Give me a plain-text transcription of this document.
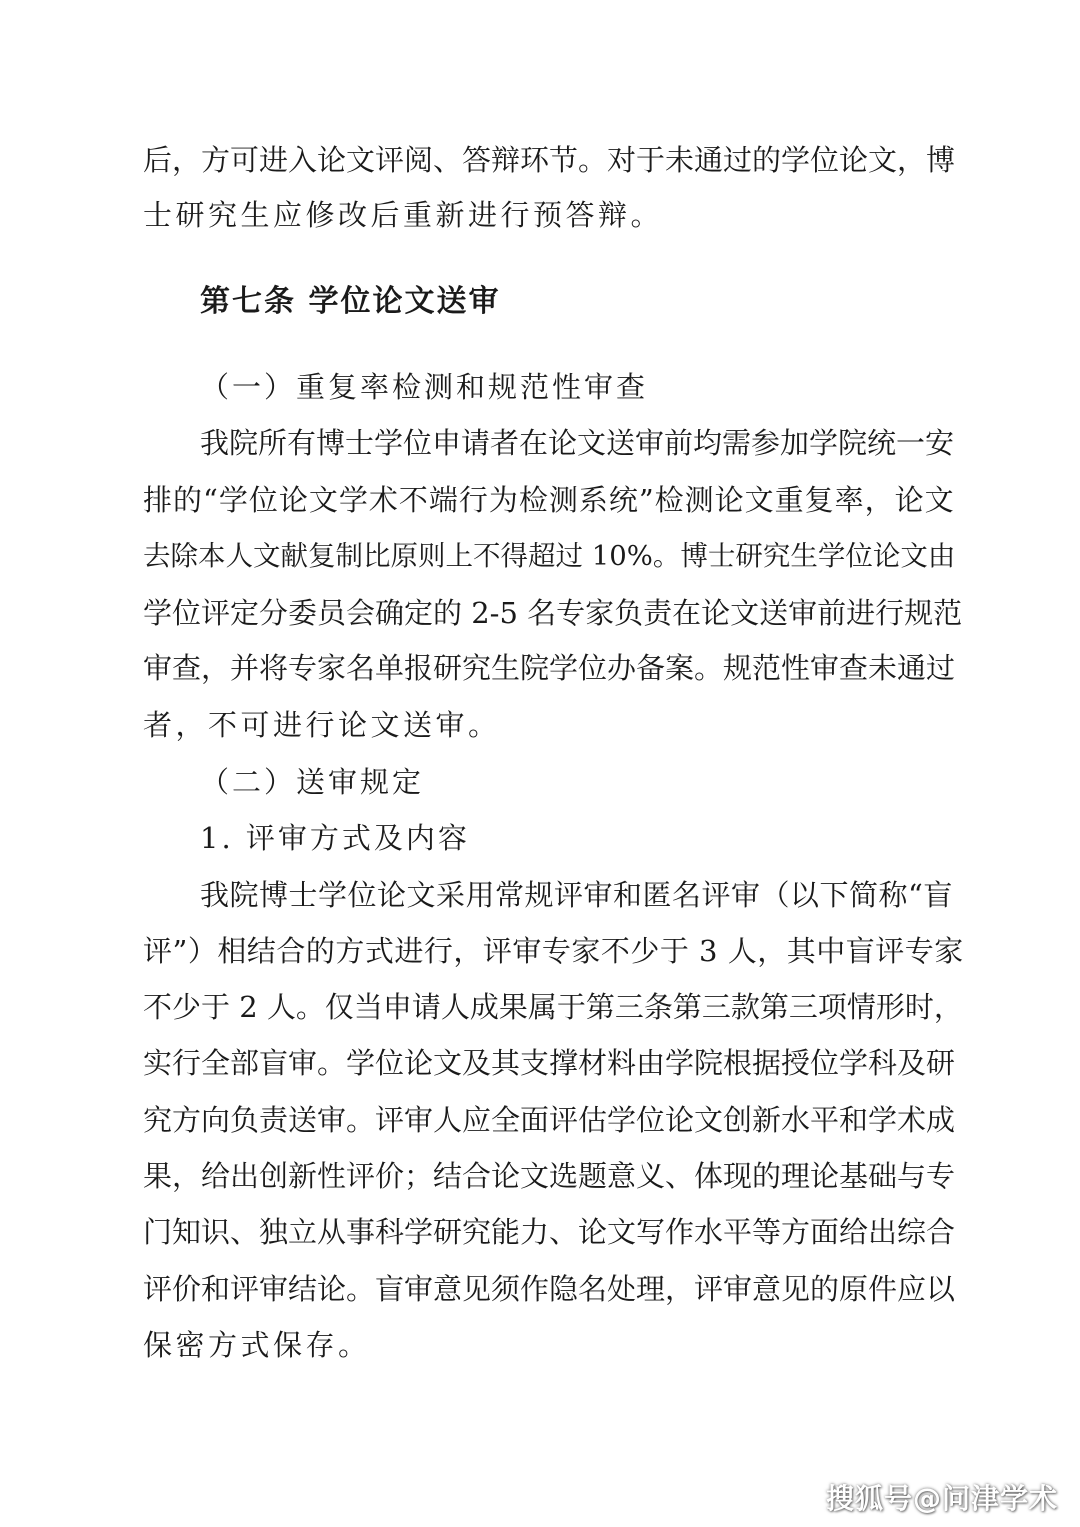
后，方可进入论文评阅、答辩环节。对于未通过的学位论文，博
士研究生应修改后重新进行预答辩。
第七条 学位论文送审
（一）重复率检测和规范性审查
我院所有博士学位申请者在论文送审前均需参加学院统一安
排的“学位论文学术不端行为检测系统”检测论文重复率，论文
去除本人文献复制比原则上不得超过 10%。博士研究生学位论文由
学位评定分委员会确定的 2-5 名专家负责在论文送审前进行规范
审查，并将专家名单报研究生院学位办备案。规范性审查未通过
者，不可进行论文送审。
（二）送审规定
1. 评审方式及内容
我院博士学位论文采用常规评审和匿名评审（以下简称“盲
评”）相结合的方式进行，评审专家不少于 3 人，其中盲评专家
不少于 2 人。仅当申请人成果属于第三条第三款第三项情形时，
实行全部盲审。学位论文及其支撑材料由学院根据授位学科及研
究方向负责送审。评审人应全面评估学位论文创新水平和学术成
果，给出创新性评价；结合论文选题意义、体现的理论基础与专
门知识、独立从事科学研究能力、论文写作水平等方面给出综合
评价和评审结论。盲审意见须作隐名处理，评审意见的原件应以
保密方式保存。
搜狐号@问津学术
